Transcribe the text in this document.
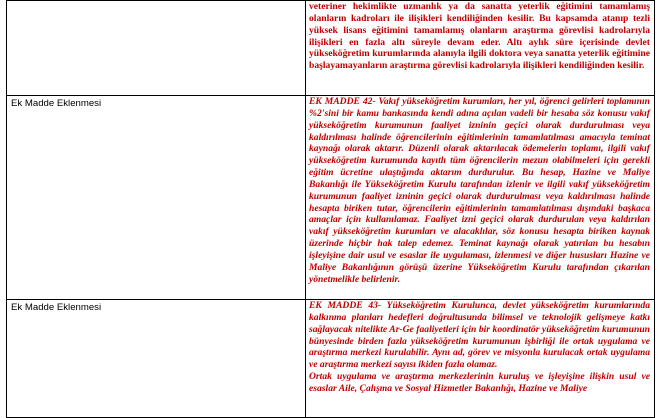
	veteriner hekimlikte uzmanlık ya da sanatta yeterlik eğitimini tamamlamış olanların kadroları ile ilişikleri kendiliğinden kesilir. Bu kapsamda atanıp tezli yüksek lisans eğitimini tamamlamış olanların araştırma görevlisi kadrolarıyla ilişikleri en fazla altı süreyle devam eder. Altı aylık süre içerisinde devlet yükseköğretim kurumlarında alanıyla ilgili doktora veya sanatta yeterlik eğitimine başlayamayanların araştırma görevlisi kadrolarıyla ilişikleri kendiliğinden kesilir.

Ek Madde Eklenmesi	EK MADDE 42- Vakıf yükseköğretim kurumları, her yıl, öğrenci gelirleri toplamının %2'sini bir kamu bankasında kendi adına açılan vadeli bir hesaba söz konusu vakıf yükseköğretim kurumunun faaliyet izninin geçici olarak durdurulması veya kaldırılması halinde öğrencilerinin eğitimlerinin tamamlatılması amacıyla teminat kaynağı olarak aktarır. Düzenli olarak aktarılacak ödemelerin toplamı, ilgili vakıf yükseköğretim kurumunda kayıtlı tüm öğrencilerin mezun olabilmeleri için gerekli eğitim ücretine ulaştığında aktarım durdurulur. Bu hesap, Hazine ve Maliye Bakanlığı ile Yükseköğretim Kurulu tarafından izlenir ve ilgili vakıf yükseköğretim kurumunun faaliyet izninin geçici olarak durdurulması veya kaldırılması halinde hesapta biriken tutar, öğrencilerin eğitimlerinin tamamlatılması dışındaki başkaca amaçlar için kullanılamaz. Faaliyet izni geçici olarak durdurulan veya kaldırılan vakıf yükseköğretim kurumları ve alacaklılar, söz konusu hesapta biriken kaynak üzerinde hiçbir hak talep edemez. Teminat kaynağı olarak yatırılan bu hesabın işleyişine dair usul ve esaslar ile uygulaması, izlenmesi ve diğer hususları Hazine ve Maliye Bakanlığının görüşü üzerine Yükseköğretim Kurulu tarafından çıkarılan yönetmelikle belirlenir.

Ek Madde Eklenmesi	EK MADDE 43- Yükseköğretim Kurulunca, devlet yükseköğretim kurumlarında kalkınma planları hedefleri doğrultusunda bilimsel ve teknolojik gelişmeye katkı sağlayacak nitelikte Ar-Ge faaliyetleri için bir koordinatör yükseköğretim kurumunun bünyesinde birden fazla yükseköğretim kurumunun işbirliği ile ortak uygulama ve araştırma merkezi kurulabilir. Aynı ad, görev ve misyonla kurulacak ortak uygulama ve araştırma merkezi sayısı ikiden fazla olamaz.

Ortak uygulama ve araştırma merkezlerinin kuruluş ve işleyişine ilişkin usul ve esaslar Aile, Çalışma ve Sosyal Hizmetler Bakanlığı, Hazine ve Maliye
